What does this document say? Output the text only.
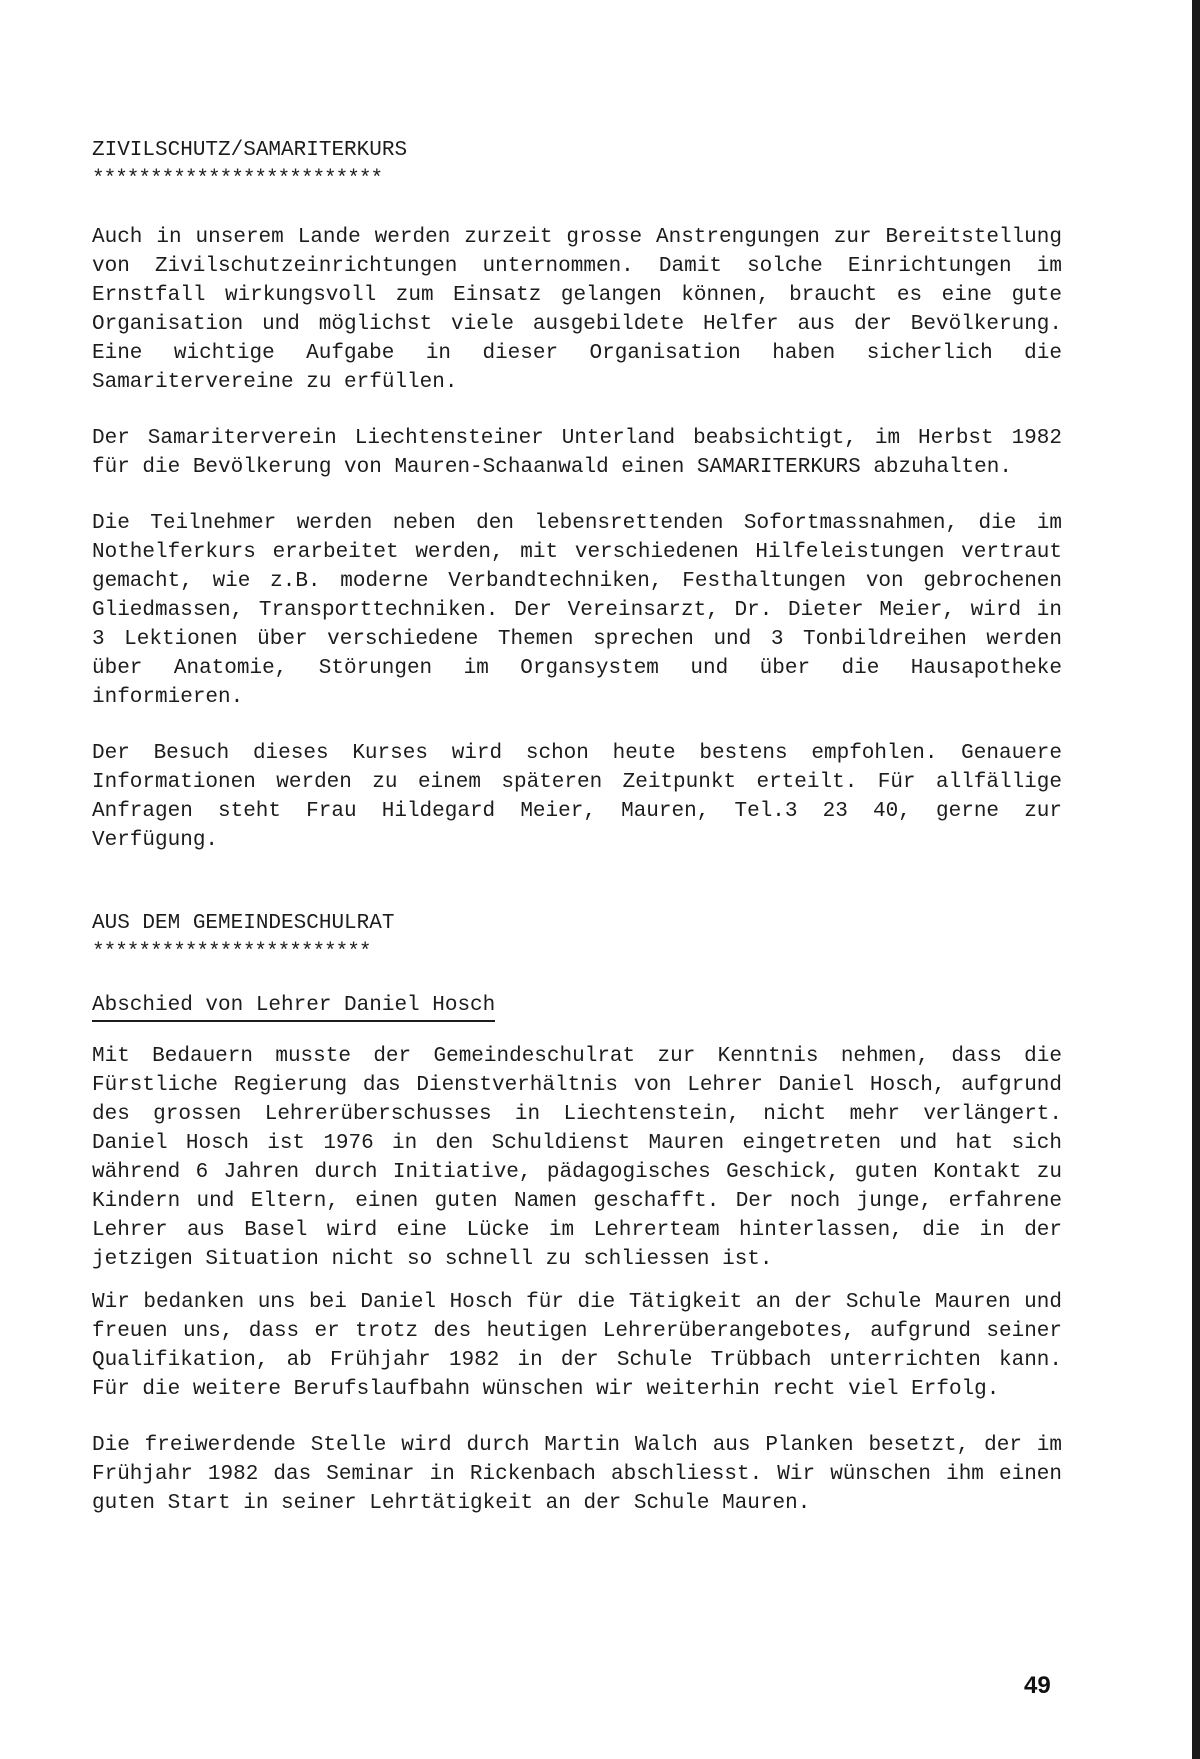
ZIVILSCHUTZ/SAMARITERKURS

*************************

Auch in unserem Lande werden zurzeit grosse Anstrengungen zur Bereitstellung von Zivilschutzeinrichtungen unternommen. Damit solche Einrichtungen im Ernstfall wirkungsvoll zum Einsatz gelangen können, braucht es eine gute Organisation und möglichst viele ausgebildete Helfer aus der Bevölkerung. Eine wichtige Aufgabe in dieser Organisation haben sicherlich die Samaritervereine zu erfüllen.

Der Samariterverein Liechtensteiner Unterland beabsichtigt, im Herbst 1982 für die Bevölkerung von Mauren-Schaanwald einen SAMARITERKURS abzuhalten.

Die Teilnehmer werden neben den lebensrettenden Sofortmassnahmen, die im Nothelferkurs erarbeitet werden, mit verschiedenen Hilfeleistungen vertraut gemacht, wie z.B. moderne Verbandtechniken, Festhaltungen von gebrochenen Gliedmassen, Transporttechniken. Der Vereinsarzt, Dr. Dieter Meier, wird in 3 Lektionen über verschiedene Themen sprechen und 3 Tonbildreihen werden über Anatomie, Störungen im Organsystem und über die Hausapotheke informieren.

Der Besuch dieses Kurses wird schon heute bestens empfohlen. Genauere Informationen werden zu einem späteren Zeitpunkt erteilt. Für allfällige Anfragen steht Frau Hildegard Meier, Mauren, Tel.3 23 40, gerne zur Verfügung.

AUS DEM GEMEINDESCHULRAT

************************

Abschied von Lehrer Daniel Hosch

Mit Bedauern musste der Gemeindeschulrat zur Kenntnis nehmen, dass die Fürstliche Regierung das Dienstverhältnis von Lehrer Daniel Hosch, aufgrund des grossen Lehrerüberschusses in Liechtenstein, nicht mehr verlängert. Daniel Hosch ist 1976 in den Schuldienst Mauren eingetreten und hat sich während 6 Jahren durch Initiative, pädagogisches Geschick, guten Kontakt zu Kindern und Eltern, einen guten Namen geschafft. Der noch junge, erfahrene Lehrer aus Basel wird eine Lücke im Lehrerteam hinterlassen, die in der jetzigen Situation nicht so schnell zu schliessen ist.

Wir bedanken uns bei Daniel Hosch für die Tätigkeit an der Schule Mauren und freuen uns, dass er trotz des heutigen Lehrerüberangebotes, aufgrund seiner Qualifikation, ab Frühjahr 1982 in der Schule Trübbach unterrichten kann. Für die weitere Berufslaufbahn wünschen wir weiterhin recht viel Erfolg.

Die freiwerdende Stelle wird durch Martin Walch aus Planken besetzt, der im Frühjahr 1982 das Seminar in Rickenbach abschliesst. Wir wünschen ihm einen guten Start in seiner Lehrtätigkeit an der Schule Mauren.

49
